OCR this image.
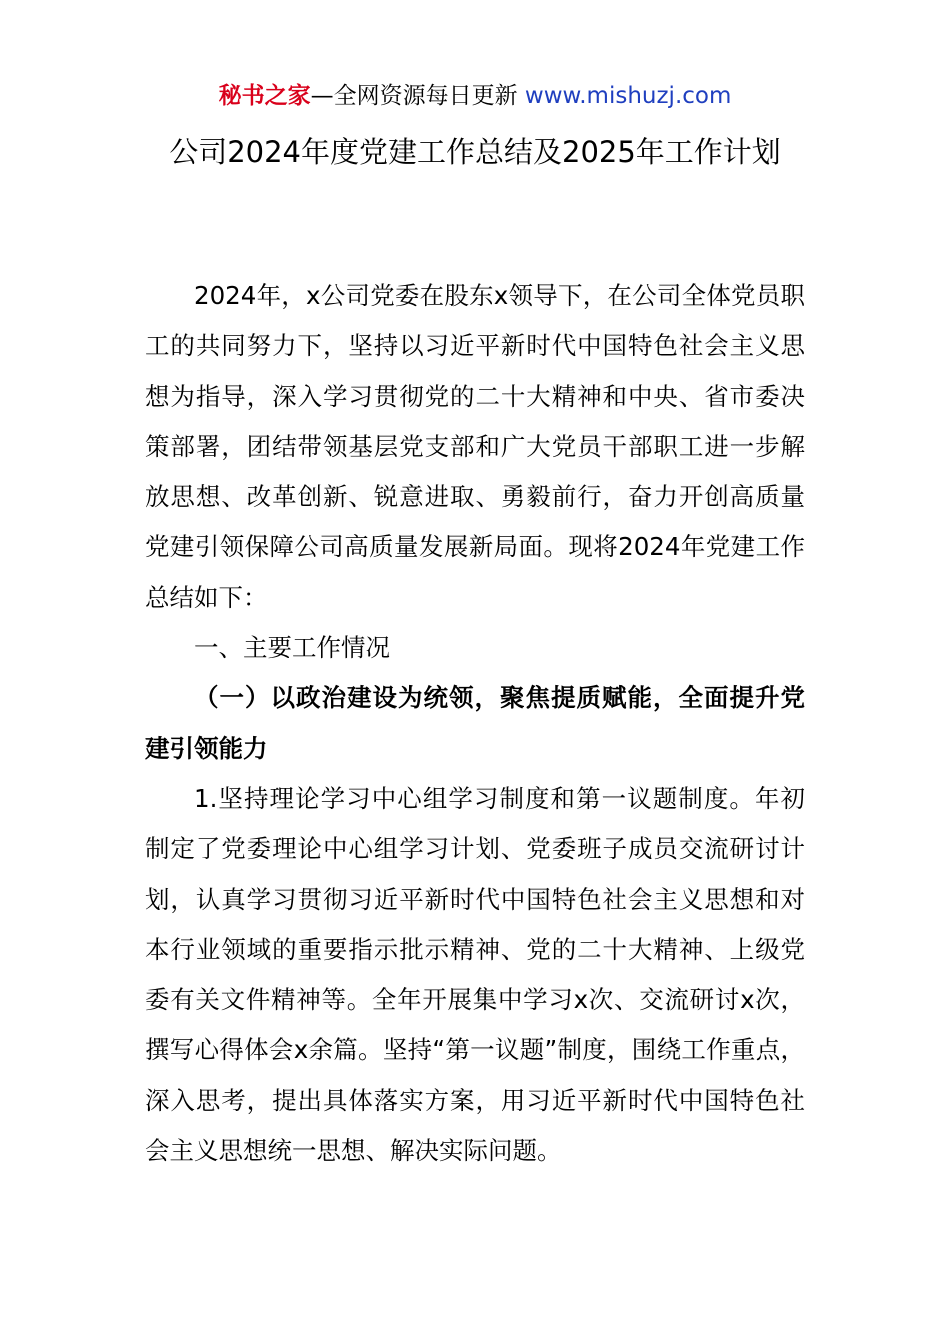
秘书之家—全网资源每日更新 www.mishuzj.com
公司2024年度党建工作总结及2025年工作计划

2024年，x公司党委在股东x领导下，在公司全体党员职工的共同努力下，坚持以习近平新时代中国特色社会主义思想为指导，深入学习贯彻党的二十大精神和中央、省市委决策部署，团结带领基层党支部和广大党员干部职工进一步解放思想、改革创新、锐意进取、勇毅前行，奋力开创高质量党建引领保障公司高质量发展新局面。现将2024年党建工作总结如下：

一、主要工作情况

（一）以政治建设为统领，聚焦提质赋能，全面提升党建引领能力

1.坚持理论学习中心组学习制度和第一议题制度。年初制定了党委理论中心组学习计划、党委班子成员交流研讨计划，认真学习贯彻习近平新时代中国特色社会主义思想和对本行业领域的重要指示批示精神、党的二十大精神、上级党委有关文件精神等。全年开展集中学习x次、交流研讨x次，撰写心得体会x余篇。坚持“第一议题”制度，围绕工作重点，深入思考，提出具体落实方案，用习近平新时代中国特色社会主义思想统一思想、解决实际问题。
